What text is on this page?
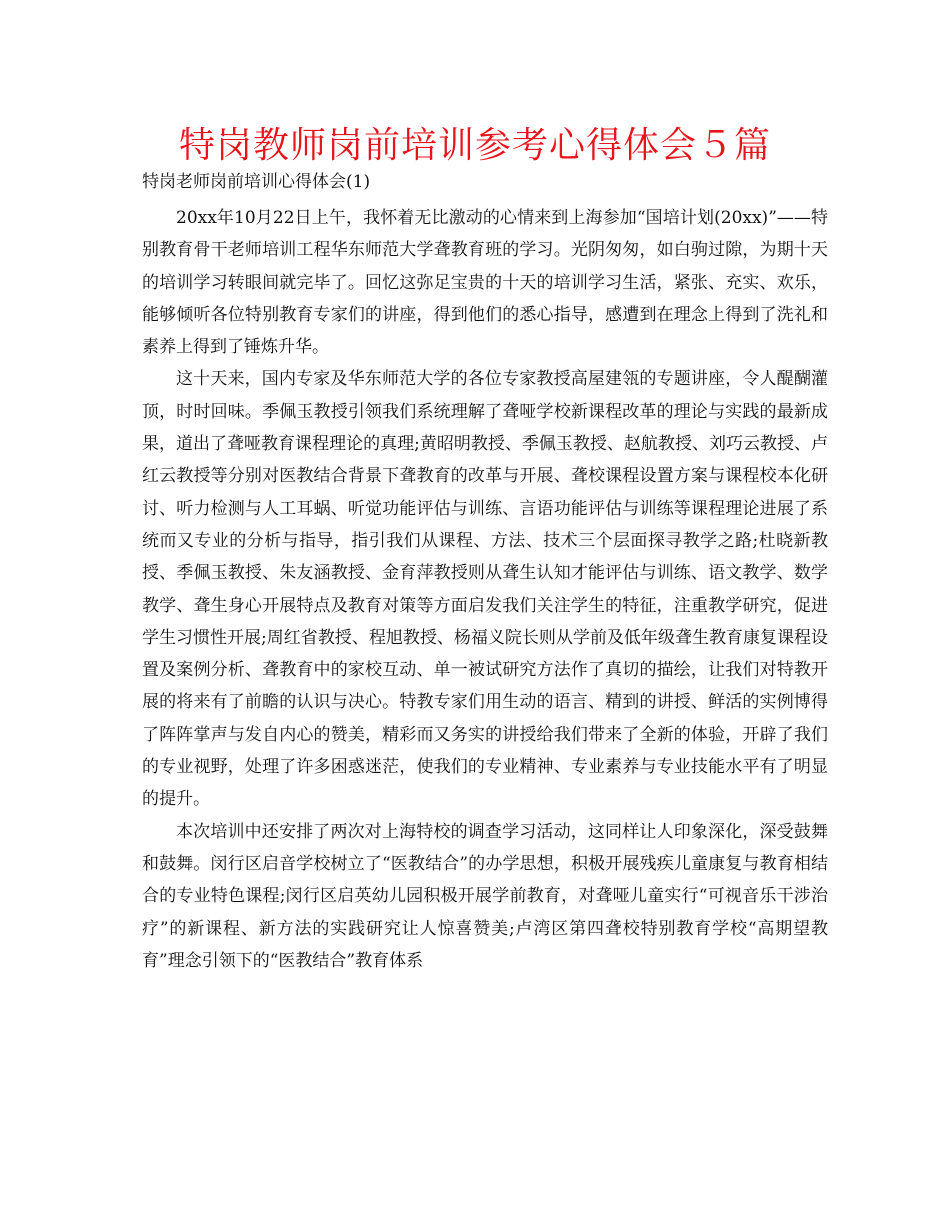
特岗教师岗前培训参考心得体会５篇

特岗老师岗前培训心得体会(1)

20xx年10月22日上午，我怀着无比激动的心情来到上海参加“国培计划(20xx)”——特别教育骨干老师培训工程华东师范大学聋教育班的学习。光阴匆匆，如白驹过隙，为期十天的培训学习转眼间就完毕了。回忆这弥足宝贵的十天的培训学习生活，紧张、充实、欢乐，能够倾听各位特别教育专家们的讲座，得到他们的悉心指导，感遭到在理念上得到了洗礼和素养上得到了锤炼升华。

这十天来，国内专家及华东师范大学的各位专家教授高屋建瓴的专题讲座，令人醍醐灌顶，时时回味。季佩玉教授引领我们系统理解了聋哑学校新课程改革的理论与实践的最新成果，道出了聋哑教育课程理论的真理;黄昭明教授、季佩玉教授、赵航教授、刘巧云教授、卢红云教授等分别对医教结合背景下聋教育的改革与开展、聋校课程设置方案与课程校本化研讨、听力检测与人工耳蜗、听觉功能评估与训练、言语功能评估与训练等课程理论进展了系统而又专业的分析与指导，指引我们从课程、方法、技术三个层面探寻教学之路;杜晓新教授、季佩玉教授、朱友涵教授、金育萍教授则从聋生认知才能评估与训练、语文教学、数学教学、聋生身心开展特点及教育对策等方面启发我们关注学生的特征，注重教学研究，促进学生习惯性开展;周红省教授、程旭教授、杨福义院长则从学前及低年级聋生教育康复课程设置及案例分析、聋教育中的家校互动、单一被试研究方法作了真切的描绘，让我们对特教开展的将来有了前瞻的认识与决心。特教专家们用生动的语言、精到的讲授、鲜活的实例博得了阵阵掌声与发自内心的赞美，精彩而又务实的讲授给我们带来了全新的体验，开辟了我们的专业视野，处理了许多困惑迷茫，使我们的专业精神、专业素养与专业技能水平有了明显的提升。

本次培训中还安排了两次对上海特校的调查学习活动，这同样让人印象深化，深受鼓舞和鼓舞。闵行区启音学校树立了“医教结合”的办学思想，积极开展残疾儿童康复与教育相结合的专业特色课程;闵行区启英幼儿园积极开展学前教育，对聋哑儿童实行“可视音乐干涉治疗”的新课程、新方法的实践研究让人惊喜赞美;卢湾区第四聋校特别教育学校“高期望教育”理念引领下的“医教结合”教育体系
